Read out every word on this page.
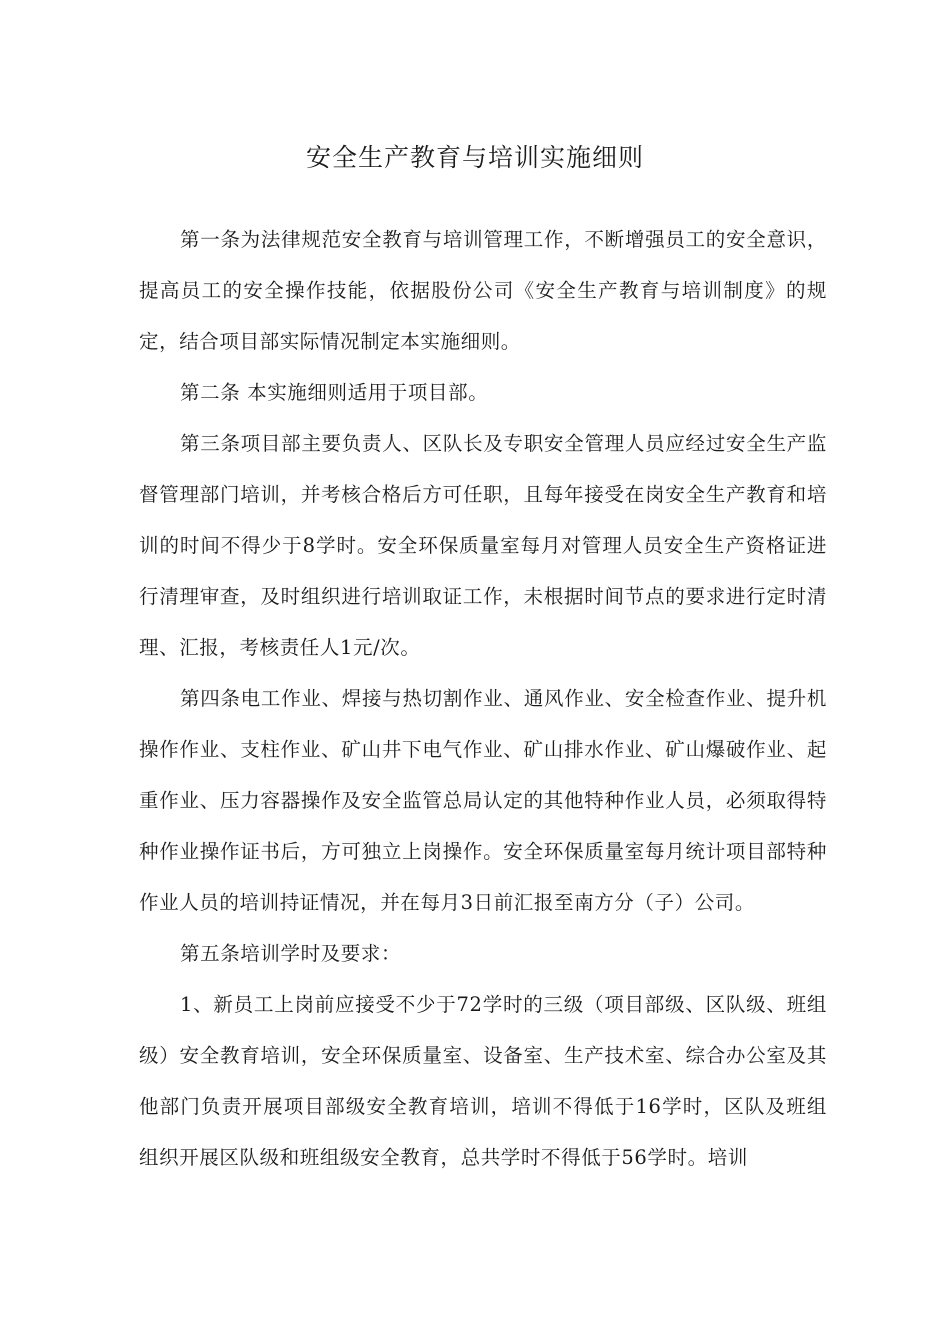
安全生产教育与培训实施细则

第一条为法律规范安全教育与培训管理工作，不断增强员工的安全意识，提高员工的安全操作技能，依据股份公司《安全生产教育与培训制度》的规定，结合项目部实际情况制定本实施细则。

第二条 本实施细则适用于项目部。

第三条项目部主要负责人、区队长及专职安全管理人员应经过安全生产监督管理部门培训，并考核合格后方可任职，且每年接受在岗安全生产教育和培训的时间不得少于8学时。安全环保质量室每月对管理人员安全生产资格证进行清理审查，及时组织进行培训取证工作，未根据时间节点的要求进行定时清理、汇报，考核责任人1元/次。

第四条电工作业、焊接与热切割作业、通风作业、安全检查作业、提升机操作作业、支柱作业、矿山井下电气作业、矿山排水作业、矿山爆破作业、起重作业、压力容器操作及安全监管总局认定的其他特种作业人员，必须取得特种作业操作证书后，方可独立上岗操作。安全环保质量室每月统计项目部特种作业人员的培训持证情况，并在每月3日前汇报至南方分（子）公司。

第五条培训学时及要求：

1、新员工上岗前应接受不少于72学时的三级（项目部级、区队级、班组级）安全教育培训，安全环保质量室、设备室、生产技术室、综合办公室及其他部门负责开展项目部级安全教育培训，培训不得低于16学时，区队及班组组织开展区队级和班组级安全教育，总共学时不得低于56学时。培训
